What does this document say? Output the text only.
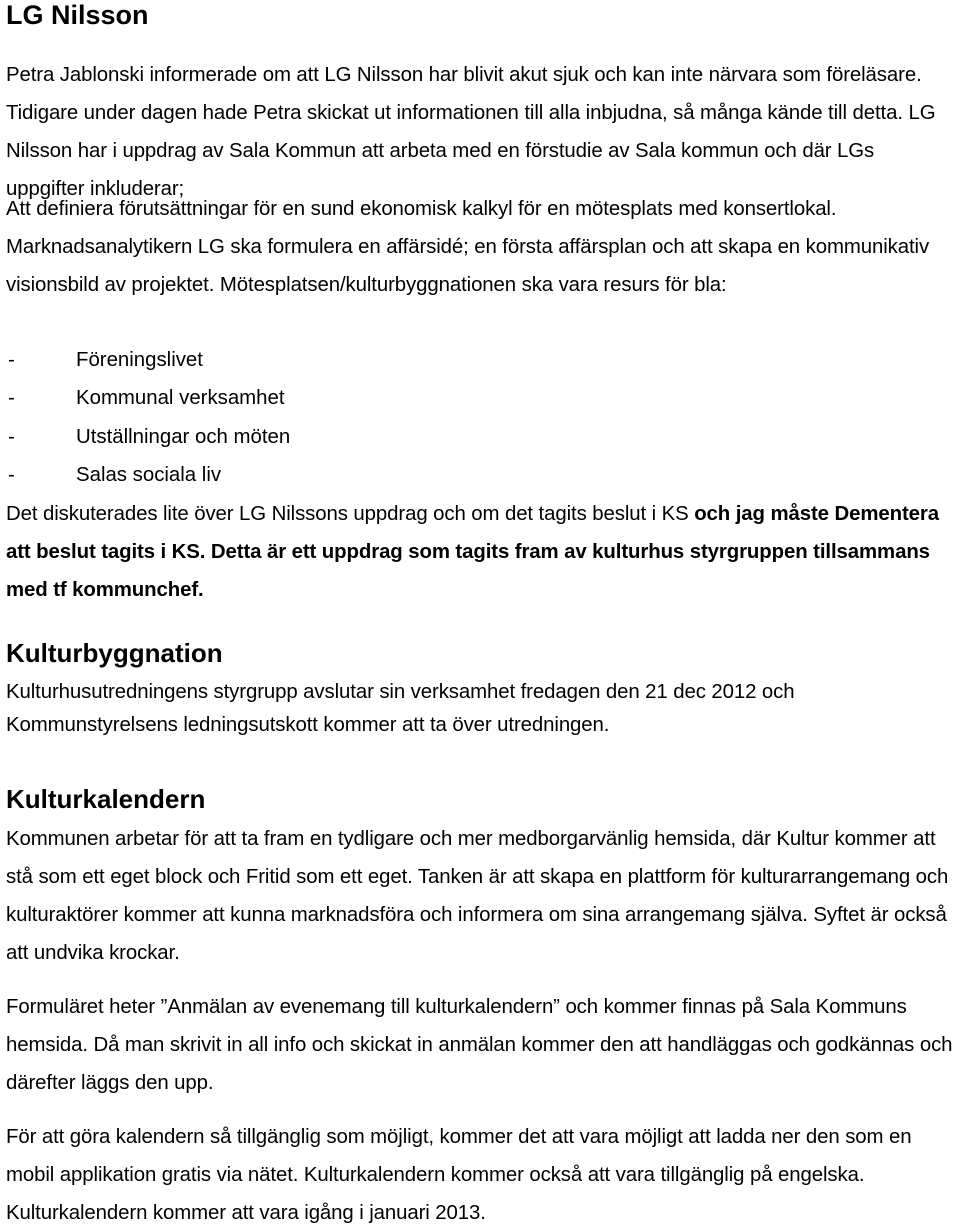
LG Nilsson

Petra Jablonski informerade om att LG Nilsson har blivit akut sjuk och kan inte närvara som föreläsare. Tidigare under dagen hade Petra skickat ut informationen till alla inbjudna, så många kände till detta. LG Nilsson har i uppdrag av Sala Kommun att arbeta med en förstudie av Sala kommun och där LGs uppgifter inkluderar;

Att definiera förutsättningar för en sund ekonomisk kalkyl för en mötesplats med konsertlokal. Marknadsanalytikern LG ska formulera en affärsidé; en första affärsplan och att skapa en kommunikativ visionsbild av projektet. Mötesplatsen/kulturbyggnationen ska vara resurs för bla:

-	Föreningslivet
-	Kommunal verksamhet
-	Utställningar och möten
-	Salas sociala liv

Det diskuterades lite över LG Nilssons uppdrag och om det tagits beslut i KS och jag måste Dementera att beslut tagits i KS. Detta är ett uppdrag som tagits fram av kulturhus styrgruppen tillsammans med tf kommunchef.

Kulturbyggnation

Kulturhusutredningens styrgrupp avslutar sin verksamhet fredagen den 21 dec 2012 och Kommunstyrelsens ledningsutskott kommer att ta över utredningen.

Kulturkalendern

Kommunen arbetar för att ta fram en tydligare och mer medborgarvänlig hemsida, där Kultur kommer att stå som ett eget block och Fritid som ett eget. Tanken är att skapa en plattform för kulturarrangemang och kulturaktörer kommer att kunna marknadsföra och informera om sina arrangemang själva. Syftet är också att undvika krockar.

Formuläret heter ”Anmälan av evenemang till kulturkalendern” och kommer finnas på Sala Kommuns hemsida. Då man skrivit in all info och skickat in anmälan kommer den att handläggas och godkännas och därefter läggs den upp.

För att göra kalendern så tillgänglig som möjligt, kommer det att vara möjligt att ladda ner den som en mobil applikation gratis via nätet. Kulturkalendern kommer också att vara tillgänglig på engelska. Kulturkalendern kommer att vara igång i januari 2013.
